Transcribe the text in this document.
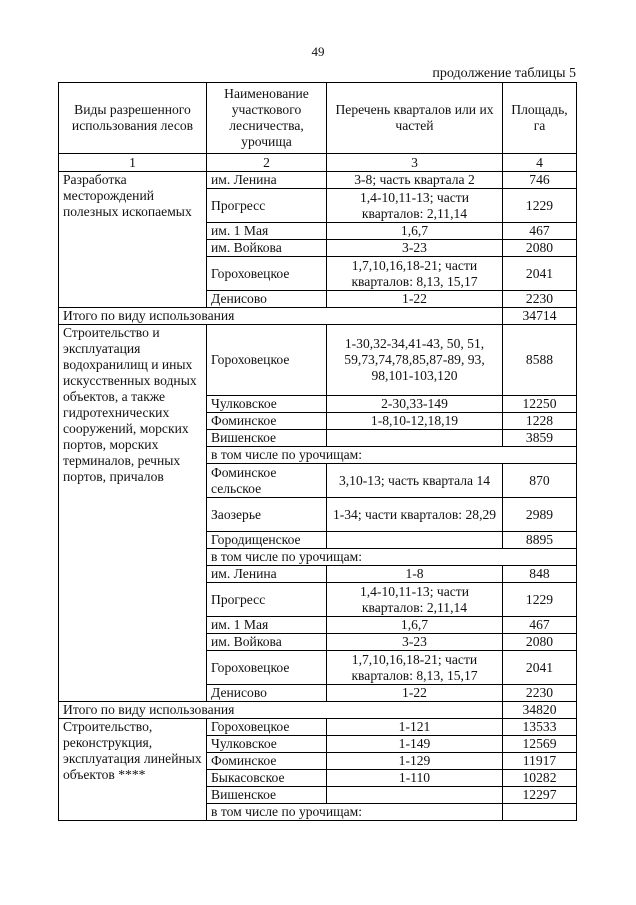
49
продолжение таблицы 5
Виды разрешенного использования лесов	Наименование участкового лесничества, урочища	Перечень кварталов или их частей	Площадь, га
1	2	3	4
Разработка месторождений полезных ископаемых	им. Ленина	3-8; часть квартала 2	746
	Прогресс	1,4-10,11-13; части кварталов: 2,11,14	1229
	им. 1 Мая	1,6,7	467
	им. Войкова	3-23	2080
	Гороховецкое	1,7,10,16,18-21; части кварталов: 8,13, 15,17	2041
	Денисово	1-22	2230
Итого по виду использования			34714
Строительство и эксплуатация водохранилищ и иных искусственных водных объектов, а также гидротехнических сооружений, морских портов, морских терминалов, речных портов, причалов	Гороховецкое	1-30,32-34,41-43, 50, 51, 59,73,74,78,85,87-89, 93, 98,101-103,120	8588
	Чулковское	2-30,33-149	12250
	Фоминское	1-8,10-12,18,19	1228
	Вишенское		3859
	в том числе по урочищам:		
	Фоминское сельское	3,10-13; часть квартала 14	870
	Заозерье	1-34; части кварталов: 28,29	2989
	Городищенское		8895
	в том числе по урочищам:		
	им. Ленина	1-8	848
	Прогресс	1,4-10,11-13; части кварталов: 2,11,14	1229
	им. 1 Мая	1,6,7	467
	им. Войкова	3-23	2080
	Гороховецкое	1,7,10,16,18-21; части кварталов: 8,13, 15,17	2041
	Денисово	1-22	2230
Итого по виду использования			34820
Строительство, реконструкция, эксплуатация линейных объектов ****	Гороховецкое	1-121	13533
	Чулковское	1-149	12569
	Фоминское	1-129	11917
	Быкасовское	1-110	10282
	Вишенское		12297
	в том числе по урочищам:		
